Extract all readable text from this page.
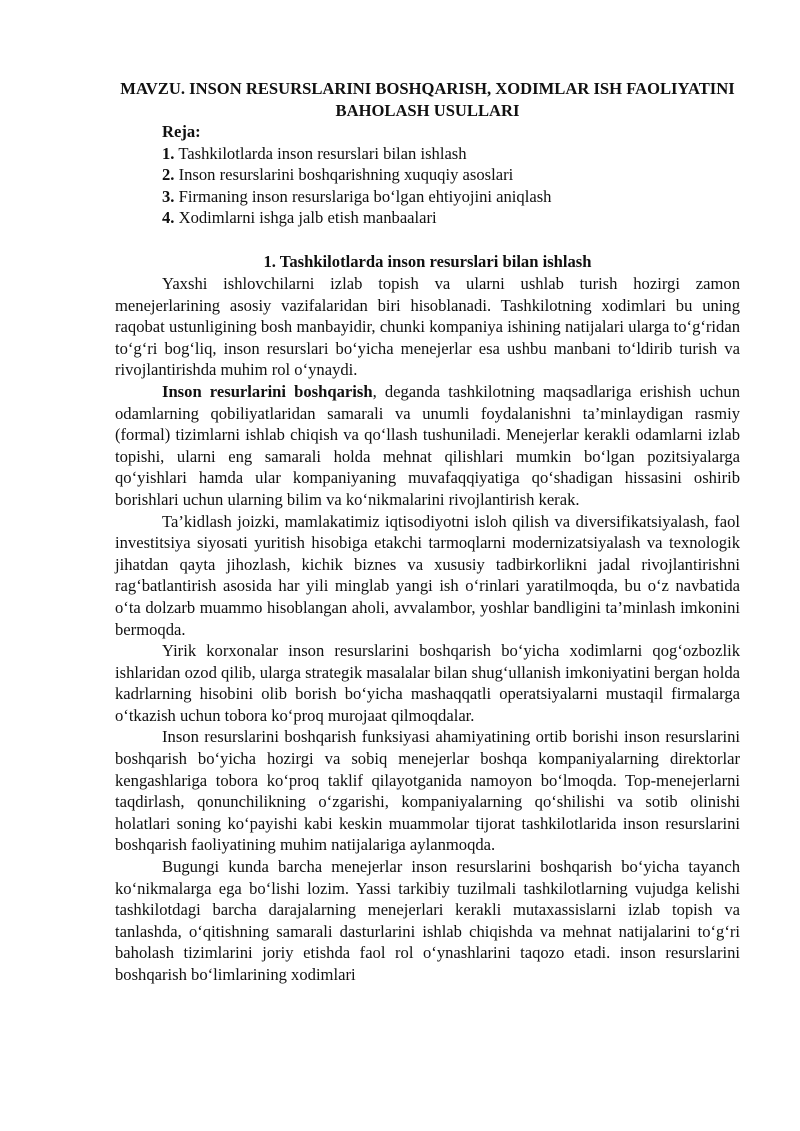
MAVZU. INSON RESURSLARINI BOSHQARISH, XODIMLAR ISH FAOLIYATINI BAHOLASH USULLARI
Reja:
1. Tashkilotlarda inson resurslari bilan ishlash
2. Inson resurslarini boshqarishning xuquqiy asoslari
3. Firmaning inson resurslariga bo‘lgan ehtiyojini aniqlash
4. Xodimlarni ishga jalb etish manbaalari
1. Tashkilotlarda inson resurslari bilan ishlash

Yaxshi ishlovchilarni izlab topish va ularni ushlab turish hozirgi zamon menejerlarining asosiy vazifalaridan biri hisoblanadi. Tashkilotning xodimlari bu uning raqobat ustunligining bosh manbayidir, chunki kompaniya ishining natijalari ularga to‘g‘ridan to‘g‘ri bog‘liq, inson resurslari bo‘yicha menejerlar esa ushbu manbani to‘ldirib turish va rivojlantirishda muhim rol o‘ynaydi.

Inson resurlarini boshqarish, deganda tashkilotning maqsadlariga erishish uchun odamlarning qobiliyatlaridan samarali va unumli foydalanishni ta’minlaydigan rasmiy (formal) tizimlarni ishlab chiqish va qo‘llash tushuniladi. Menejerlar kerakli odamlarni izlab topishi, ularni eng samarali holda mehnat qilishlari mumkin bo‘lgan pozitsiyalarga qo‘yishlari hamda ular kompaniyaning muvafaqqiyatiga qo‘shadigan hissasini oshirib borishlari uchun ularning bilim va ko‘nikmalarini rivojlantirish kerak.

Ta’kidlash joizki, mamlakatimiz iqtisodiyotni isloh qilish va diversifikatsiyalash, faol investitsiya siyosati yuritish hisobiga etakchi tarmoqlarni modernizatsiyalash va texnologik jihatdan qayta jihozlash, kichik biznes va xususiy tadbirkorlikni jadal rivojlantirishni rag‘batlantirish asosida har yili minglab yangi ish o‘rinlari yaratilmoqda, bu o‘z navbatida o‘ta dolzarb muammo hisoblangan aholi, avvalambor, yoshlar bandligini ta’minlash imkonini bermoqda.

Yirik korxonalar inson resurslarini boshqarish bo‘yicha xodimlarni qog‘ozbozlik ishlaridan ozod qilib, ularga strategik masalalar bilan shug‘ullanish imkoniyatini bergan holda kadrlarning hisobini olib borish bo‘yicha mashaqqatli operatsiyalarni mustaqil firmalarga o‘tkazish uchun tobora ko‘proq murojaat qilmoqdalar.

Inson resurslarini boshqarish funksiyasi ahamiyatining ortib borishi inson resurslarini boshqarish bo‘yicha hozirgi va sobiq menejerlar boshqa kompaniyalarning direktorlar kengashlariga tobora ko‘proq taklif qilayotganida namoyon bo‘lmoqda. Top-menejerlarni taqdirlash, qonunchilikning o‘zgarishi, kompaniyalarning qo‘shilishi va sotib olinishi holatlari soning ko‘payishi kabi keskin muammolar tijorat tashkilotlarida inson resurslarini boshqarish faoliyatining muhim natijalariga aylanmoqda.

Bugungi kunda barcha menejerlar inson resurslarini boshqarish bo‘yicha tayanch ko‘nikmalarga ega bo‘lishi lozim. Yassi tarkibiy tuzilmali tashkilotlarning vujudga kelishi tashkilotdagi barcha darajalarning menejerlari kerakli mutaxassislarni izlab topish va tanlashda, o‘qitishning samarali dasturlarini ishlab chiqishda va mehnat natijalarini to‘g‘ri baholash tizimlarini joriy etishda faol rol o‘ynashlarini taqozo etadi. inson resurslarini boshqarish bo‘limlarining xodimlari
